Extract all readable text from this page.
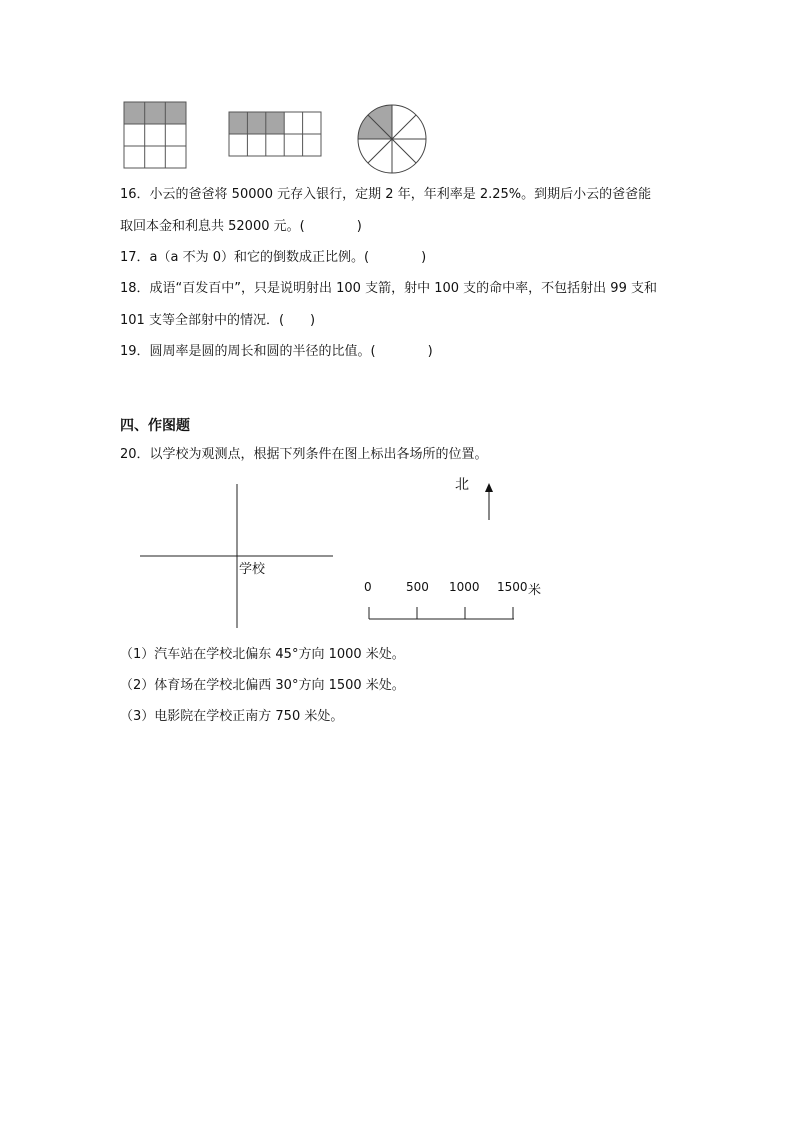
16．小云的爸爸将 50000 元存入银行，定期 2 年，年利率是 2.25%。到期后小云的爸爸能
取回本金和利息共 52000 元。(　　　　)
17．a（a 不为 0）和它的倒数成正比例。(　　　　)
18．成语“百发百中”，只是说明射出 100 支箭，射中 100 支的命中率，不包括射出 99 支和
101 支等全部射中的情况．(　　)
19．圆周率是圆的周长和圆的半径的比值。(　　　　)
四、作图题
20．以学校为观测点，根据下列条件在图上标出各场所的位置。
学校
北
0	500 1000 1500 米
（1）汽车站在学校北偏东 45°方向 1000 米处。
（2）体育场在学校北偏西 30°方向 1500 米处。
（3）电影院在学校正南方 750 米处。
